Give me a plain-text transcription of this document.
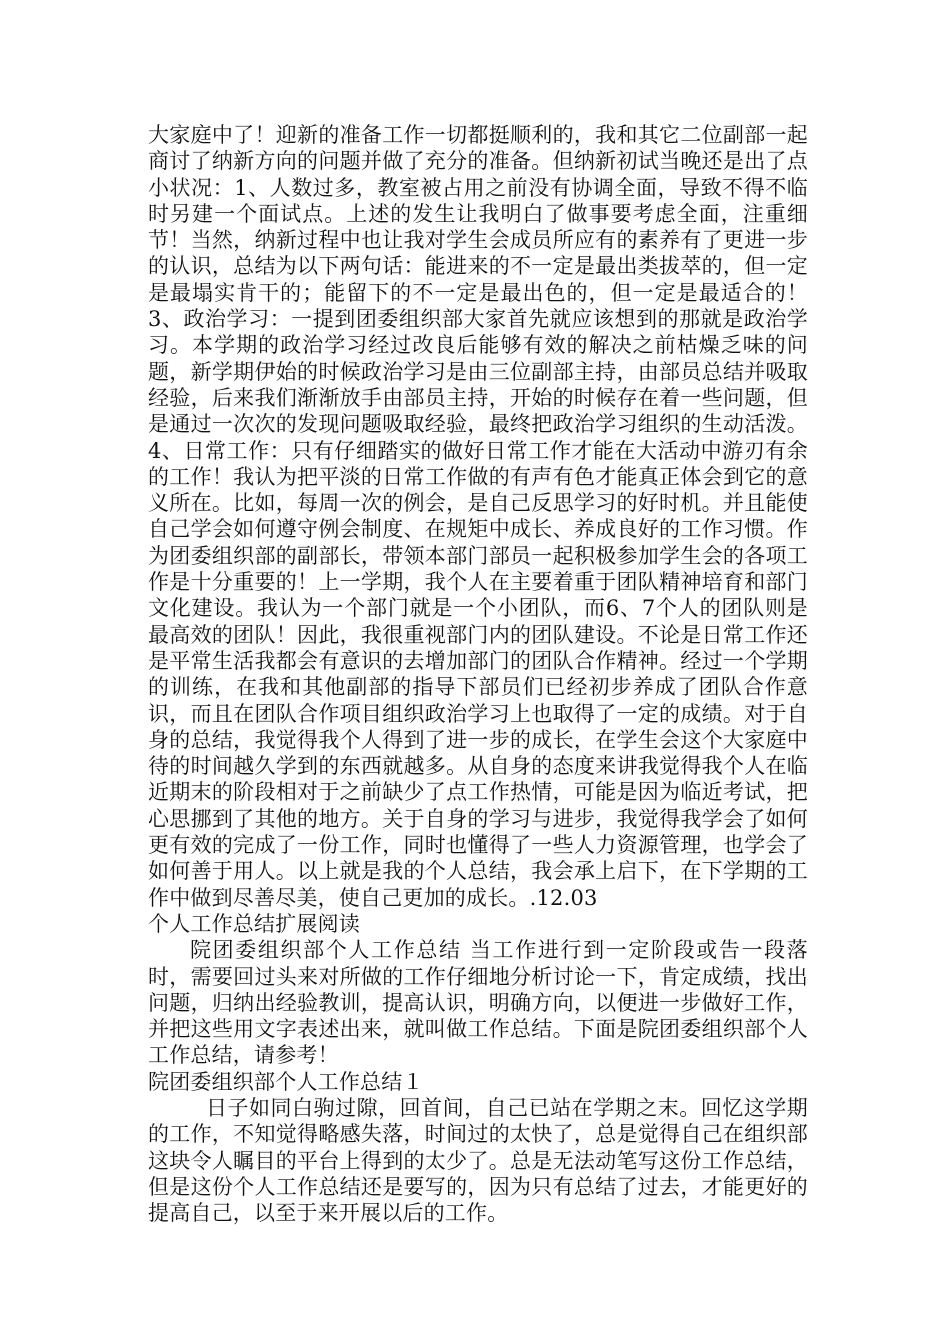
大家庭中了！迎新的准备工作一切都挺顺利的，我和其它二位副部一起商讨了纳新方向的问题并做了充分的准备。但纳新初试当晚还是出了点小状况：1、人数过多，教室被占用之前没有协调全面，导致不得不临时另建一个面试点。上述的发生让我明白了做事要考虑全面，注重细节！当然，纳新过程中也让我对学生会成员所应有的素养有了更进一步的认识，总结为以下两句话：能进来的不一定是最出类拔萃的，但一定是最塌实肯干的；能留下的不一定是最出色的，但一定是最适合的！3、政治学习：一提到团委组织部大家首先就应该想到的那就是政治学习。本学期的政治学习经过改良后能够有效的解决之前枯燥乏味的问题，新学期伊始的时候政治学习是由三位副部主持，由部员总结并吸取经验，后来我们渐渐放手由部员主持，开始的时候存在着一些问题，但是通过一次次的发现问题吸取经验，最终把政治学习组织的生动活泼。4、日常工作：只有仔细踏实的做好日常工作才能在大活动中游刃有余的工作！我认为把平淡的日常工作做的有声有色才能真正体会到它的意义所在。比如，每周一次的例会，是自己反思学习的好时机。并且能使自己学会如何遵守例会制度、在规矩中成长、养成良好的工作习惯。作为团委组织部的副部长，带领本部门部员一起积极参加学生会的各项工作是十分重要的！上一学期，我个人在主要着重于团队精神培育和部门文化建设。我认为一个部门就是一个小团队，而6、7个人的团队则是最高效的团队！因此，我很重视部门内的团队建设。不论是日常工作还是平常生活我都会有意识的去增加部门的团队合作精神。经过一个学期的训练，在我和其他副部的指导下部员们已经初步养成了团队合作意识，而且在团队合作项目组织政治学习上也取得了一定的成绩。对于自身的总结，我觉得我个人得到了进一步的成长，在学生会这个大家庭中待的时间越久学到的东西就越多。从自身的态度来讲我觉得我个人在临近期末的阶段相对于之前缺少了点工作热情，可能是因为临近考试，把心思挪到了其他的地方。关于自身的学习与进步，我觉得我学会了如何更有效的完成了一份工作，同时也懂得了一些人力资源管理，也学会了如何善于用人。以上就是我的个人总结，我会承上启下，在下学期的工作中做到尽善尽美，使自己更加的成长。.12.03

个人工作总结扩展阅读

院团委组织部个人工作总结 当工作进行到一定阶段或告一段落时，需要回过头来对所做的工作仔细地分析讨论一下，肯定成绩，找出问题，归纳出经验教训，提高认识，明确方向，以便进一步做好工作，并把这些用文字表述出来，就叫做工作总结。下面是院团委组织部个人工作总结，请参考！

院团委组织部个人工作总结１

日子如同白驹过隙，回首间，自己已站在学期之末。回忆这学期的工作，不知觉得略感失落，时间过的太快了，总是觉得自己在组织部这块令人瞩目的平台上得到的太少了。总是无法动笔写这份工作总结，但是这份个人工作总结还是要写的，因为只有总结了过去，才能更好的提高自己，以至于来开展以后的工作。
